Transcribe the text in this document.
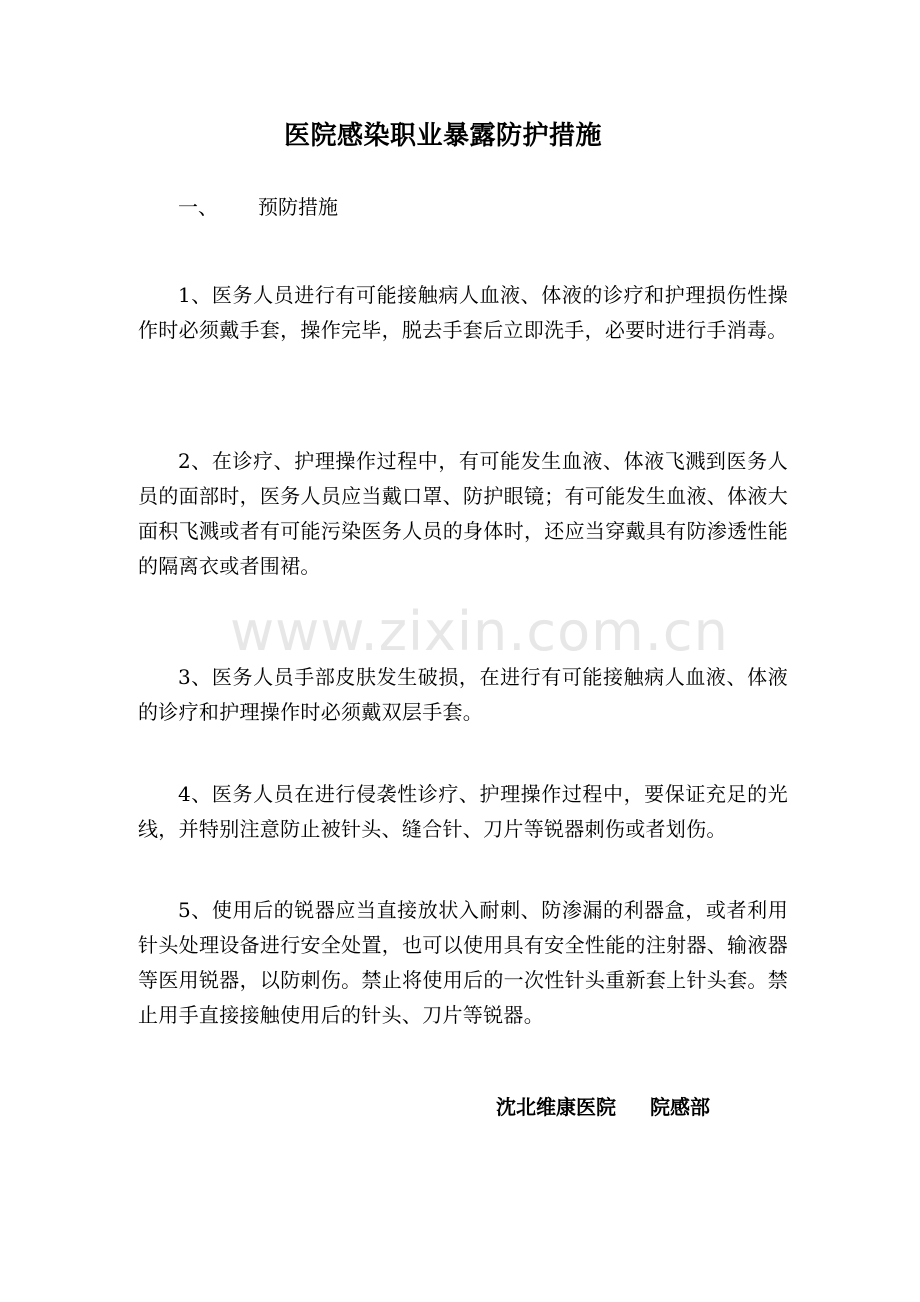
医院感染职业暴露防护措施
一、 预防措施

1、医务人员进行有可能接触病人血液、体液的诊疗和护理损伤性操作时必须戴手套，操作完毕，脱去手套后立即洗手，必要时进行手消毒。

2、在诊疗、护理操作过程中，有可能发生血液、体液飞溅到医务人员的面部时，医务人员应当戴口罩、防护眼镜；有可能发生血液、体液大面积飞溅或者有可能污染医务人员的身体时，还应当穿戴具有防渗透性能的隔离衣或者围裙。

3、医务人员手部皮肤发生破损，在进行有可能接触病人血液、体液的诊疗和护理操作时必须戴双层手套。

4、医务人员在进行侵袭性诊疗、护理操作过程中，要保证充足的光线，并特别注意防止被针头、缝合针、刀片等锐器刺伤或者划伤。

5、使用后的锐器应当直接放状入耐刺、防渗漏的利器盒，或者利用针头处理设备进行安全处置，也可以使用具有安全性能的注射器、输液器等医用锐器，以防刺伤。禁止将使用后的一次性针头重新套上针头套。禁止用手直接接触使用后的针头、刀片等锐器。

沈北维康医院 院感部
www.zixin.com.cn
